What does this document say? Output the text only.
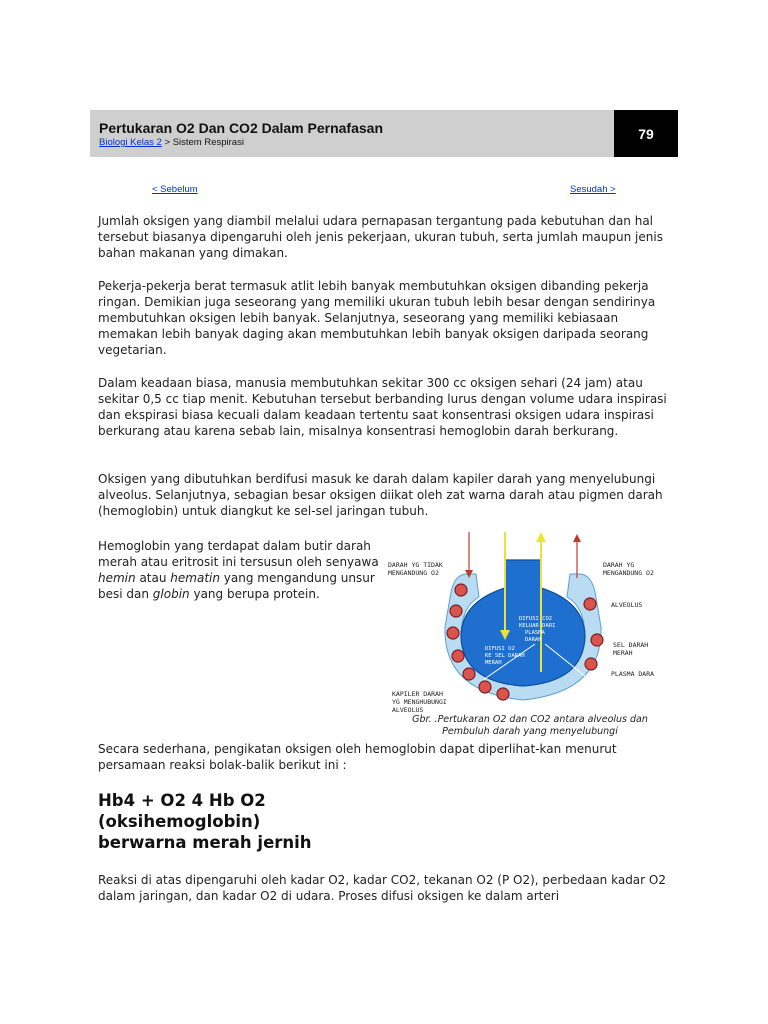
Pertukaran O2 Dan CO2 Dalam Pernafasan
Biologi Kelas 2 > Sistem Respirasi
79
< Sebelum	Sesudah >

Jumlah oksigen yang diambil melalui udara pernapasan tergantung pada kebutuhan dan hal tersebut biasanya dipengaruhi oleh jenis pekerjaan, ukuran tubuh, serta jumlah maupun jenis bahan makanan yang dimakan.

Pekerja-pekerja berat termasuk atlit lebih banyak membutuhkan oksigen dibanding pekerja ringan. Demikian juga seseorang yang memiliki ukuran tubuh lebih besar dengan sendirinya membutuhkan oksigen lebih banyak. Selanjutnya, seseorang yang memiliki kebiasaan memakan lebih banyak daging akan membutuhkan lebih banyak oksigen daripada seorang vegetarian.

Dalam keadaan biasa, manusia membutuhkan sekitar 300 cc oksigen sehari (24 jam) atau sekitar 0,5 cc tiap menit. Kebutuhan tersebut berbanding lurus dengan volume udara inspirasi dan ekspirasi biasa kecuali dalam keadaan tertentu saat konsentrasi oksigen udara inspirasi berkurang atau karena sebab lain, misalnya konsentrasi hemoglobin darah berkurang.

Oksigen yang dibutuhkan berdifusi masuk ke darah dalam kapiler darah yang menyelubungi alveolus. Selanjutnya, sebagian besar oksigen diikat oleh zat warna darah atau pigmen darah (hemoglobin) untuk diangkut ke sel-sel jaringan tubuh.

Hemoglobin yang terdapat dalam butir darah merah atau eritrosit ini tersusun oleh senyawa hemin atau hematin yang mengandung unsur besi dan globin yang berupa protein.

DARAH YG TIDAK
MENGANDUNG O2
DARAH YG
MENGANDUNG O2
ALVEOLUS
SEL DARAH
MERAH
PLASMA DARA
KAPILER DARAH
YG MENGHUBUNGI
ALVEOLUS
DIFUSI CO2
KELUAR DARI
PLASMA
DARAH
DIFUSI O2
KE SEL DARAH
MERAH
Gbr. .Pertukaran O2 dan CO2 antara alveolus dan
Pembuluh darah yang menyelubungi

Secara sederhana, pengikatan oksigen oleh hemoglobin dapat diperlihat-kan menurut persamaan reaksi bolak-balik berikut ini :

Hb4 + O2 4 Hb O2
(oksihemoglobin)
berwarna merah jernih

Reaksi di atas dipengaruhi oleh kadar O2, kadar CO2, tekanan O2 (P O2), perbedaan kadar O2 dalam jaringan, dan kadar O2 di udara. Proses difusi oksigen ke dalam arteri
